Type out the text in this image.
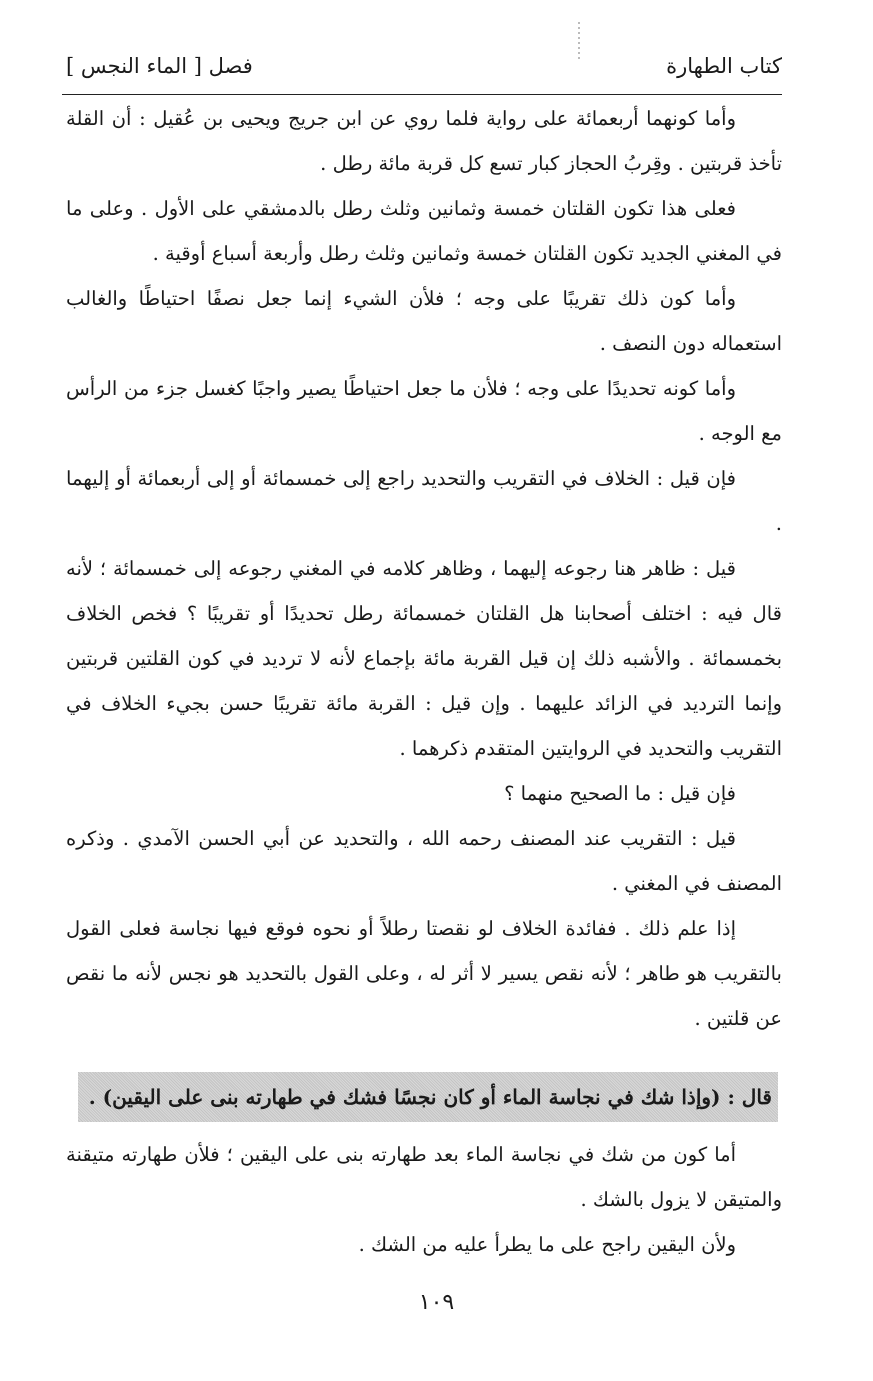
كتاب الطهارة
فصل [ الماء النجس ]

وأما كونهما أربعمائة على رواية فلما روي عن ابن جريج ويحيى بن عُقيل : أن القلة تأخذ قربتين . وقِربُ الحجاز كبار تسع كل قربة مائة رطل .

فعلى هذا تكون القلتان خمسة وثمانين وثلث رطل بالدمشقي على الأول . وعلى ما في المغني الجديد تكون القلتان خمسة وثمانين وثلث رطل وأربعة أسباع أوقية .

وأما كون ذلك تقريبًا على وجه ؛ فلأن الشيء إنما جعل نصفًا احتياطًا والغالب استعماله دون النصف .

وأما كونه تحديدًا على وجه ؛ فلأن ما جعل احتياطًا يصير واجبًا كغسل جزء من الرأس مع الوجه .

فإن قيل : الخلاف في التقريب والتحديد راجع إلى خمسمائة أو إلى أربعمائة أو إليهما .

قيل : ظاهر هنا رجوعه إليهما ، وظاهر كلامه في المغني رجوعه إلى خمسمائة ؛ لأنه قال فيه : اختلف أصحابنا هل القلتان خمسمائة رطل تحديدًا أو تقريبًا ؟ فخص الخلاف بخمسمائة . والأشبه ذلك إن قيل القربة مائة بإجماع لأنه لا ترديد في كون القلتين قربتين وإنما الترديد في الزائد عليهما . وإن قيل : القربة مائة تقريبًا حسن بجيء الخلاف في التقريب والتحديد في الروايتين المتقدم ذكرهما .

فإن قيل : ما الصحيح منهما ؟

قيل : التقريب عند المصنف رحمه الله ، والتحديد عن أبي الحسن الآمدي . وذكره المصنف في المغني .

إذا علم ذلك . ففائدة الخلاف لو نقصتا رطلاً أو نحوه فوقع فيها نجاسة فعلى القول بالتقريب هو طاهر ؛ لأنه نقص يسير لا أثر له ، وعلى القول بالتحديد هو نجس لأنه ما نقص عن قلتين .

قال : (وإذا شك في نجاسة الماء أو كان نجسًا فشك في طهارته بنى على اليقين) .

أما كون من شك في نجاسة الماء بعد طهارته بنى على اليقين ؛ فلأن طهارته متيقنة والمتيقن لا يزول بالشك .

ولأن اليقين راجح على ما يطرأ عليه من الشك .

١٠٩
